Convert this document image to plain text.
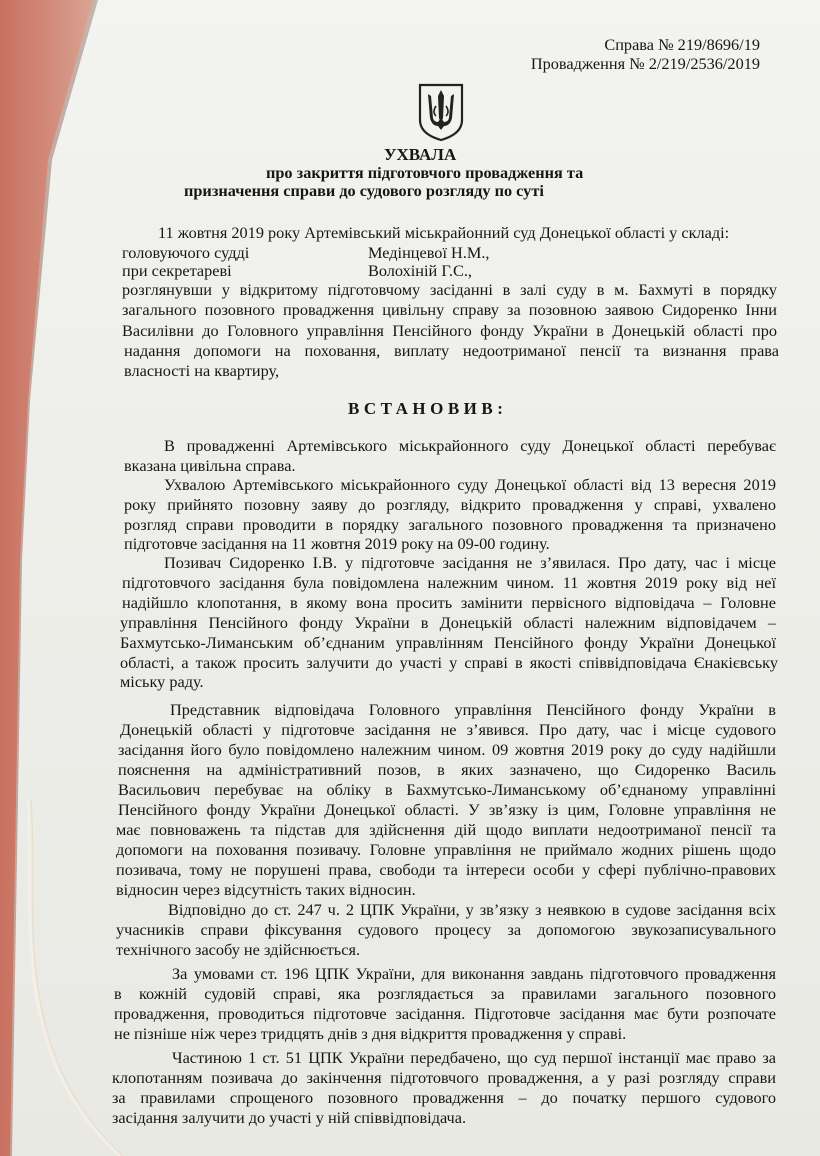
Справа № 219/8696/19

Провадження № 2/219/2536/2019

УХВАЛА

про закриття підготовчого провадження та

призначення справи до судового розгляду по суті

11 жовтня 2019 року Артемівський міськрайонний суд Донецької області у складі:

головуючого судді	Медінцевої Н.М.,

при секретареві	Волохіній Г.С.,

розглянувши у відкритому підготовчому засіданні в залі суду в м. Бахмуті в порядку

загального позовного провадження цивільну справу за позовною заявою Сидоренко Інни

Василівни до Головного управління Пенсійного фонду України в Донецькій області про

надання допомоги на поховання, виплату недоотриманої пенсії та визнання права

власності на квартиру,

ВСТАНОВИВ:

В провадженні Артемівського міськрайонного суду Донецької області перебуває

вказана цивільна справа.

Ухвалою Артемівського міськрайонного суду Донецької області від 13 вересня 2019

року прийнято позовну заяву до розгляду, відкрито провадження у справі, ухвалено

розгляд справи проводити в порядку загального позовного провадження та призначено

підготовче засідання на 11 жовтня 2019 року на 09-00 годину.

Позивач Сидоренко І.В. у підготовче засідання не з’явилася. Про дату, час і місце

підготовчого засідання була повідомлена належним чином. 11 жовтня 2019 року від неї

надійшло клопотання, в якому вона просить замінити первісного відповідача – Головне

управління Пенсійного фонду України в Донецькій області належним відповідачем –

Бахмутсько-Лиманським об’єднаним управлінням Пенсійного фонду України Донецької

області, а також просить залучити до участі у справі в якості співвідповідача Єнакієвську

міську раду.

Представник відповідача Головного управління Пенсійного фонду України в

Донецькій області у підготовче засідання не з’явився. Про дату, час і місце судового

засідання його було повідомлено належним чином. 09 жовтня 2019 року до суду надійшли

пояснення на адміністративний позов, в яких зазначено, що Сидоренко Василь

Васильович перебуває на обліку в Бахмутсько-Лиманському об’єднаному управлінні

Пенсійного фонду України Донецької області. У зв’язку із цим, Головне управління не

має повноважень та підстав для здійснення дій щодо виплати недоотриманої пенсії та

допомоги на поховання позивачу. Головне управління не приймало жодних рішень щодо

позивача, тому не порушені права, свободи та інтереси особи у сфері публічно-правових

відносин через відсутність таких відносин.

Відповідно до ст. 247 ч. 2 ЦПК України, у зв’язку з неявкою в судове засідання всіх

учасників справи фіксування судового процесу за допомогою звукозаписувального

технічного засобу не здійснюється.

За умовами ст. 196 ЦПК України, для виконання завдань підготовчого провадження

в кожній судовій справі, яка розглядається за правилами загального позовного

провадження, проводиться підготовче засідання. Підготовче засідання має бути розпочате

не пізніше ніж через тридцять днів з дня відкриття провадження у справі.

Частиною 1 ст. 51 ЦПК України передбачено, що суд першої інстанції має право за

клопотанням позивача до закінчення підготовчого провадження, а у разі розгляду справи

за правилами спрощеного позовного провадження – до початку першого судового

засідання залучити до участі у ній співвідповідача.
